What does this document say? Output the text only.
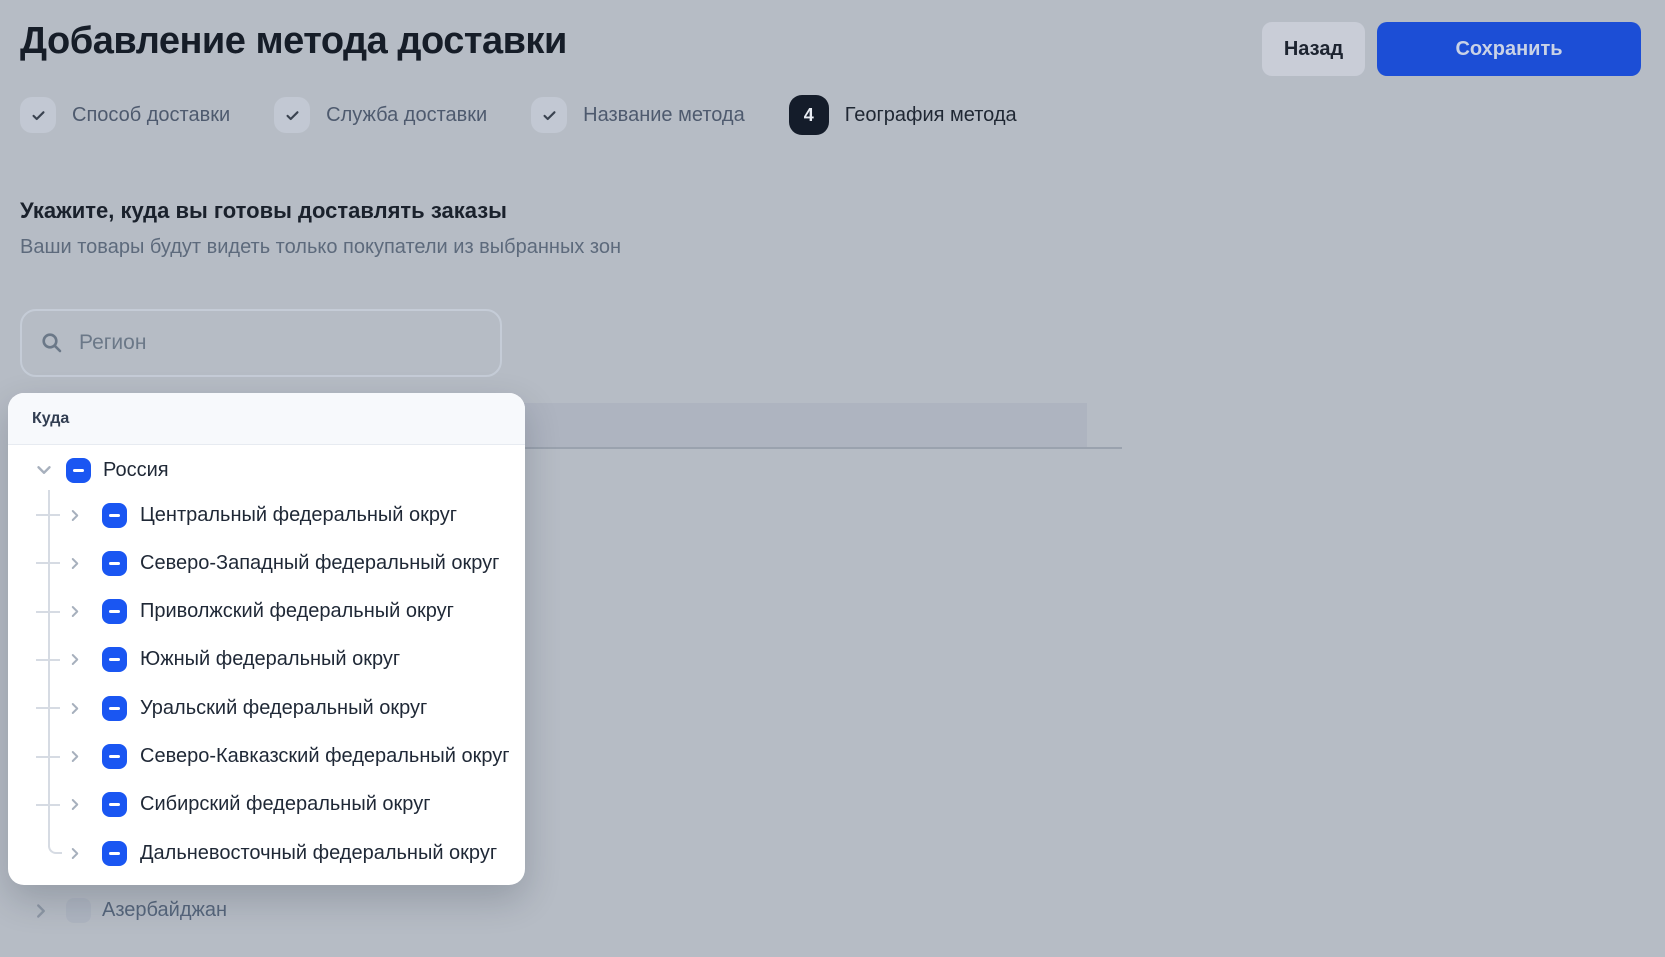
Добавление метода доставки	Назад	Сохранить
Способ доставки	Служба доставки	Название метода	4 География метода
Укажите, куда вы готовы доставлять заказы
Ваши товары будут видеть только покупатели из выбранных зон
Регион
Азербайджан
Куда
Россия
Центральный федеральный округ
Северо-Западный федеральный округ
Приволжский федеральный округ
Южный федеральный округ
Уральский федеральный округ
Северо-Кавказский федеральный округ
Сибирский федеральный округ
Дальневосточный федеральный округ
